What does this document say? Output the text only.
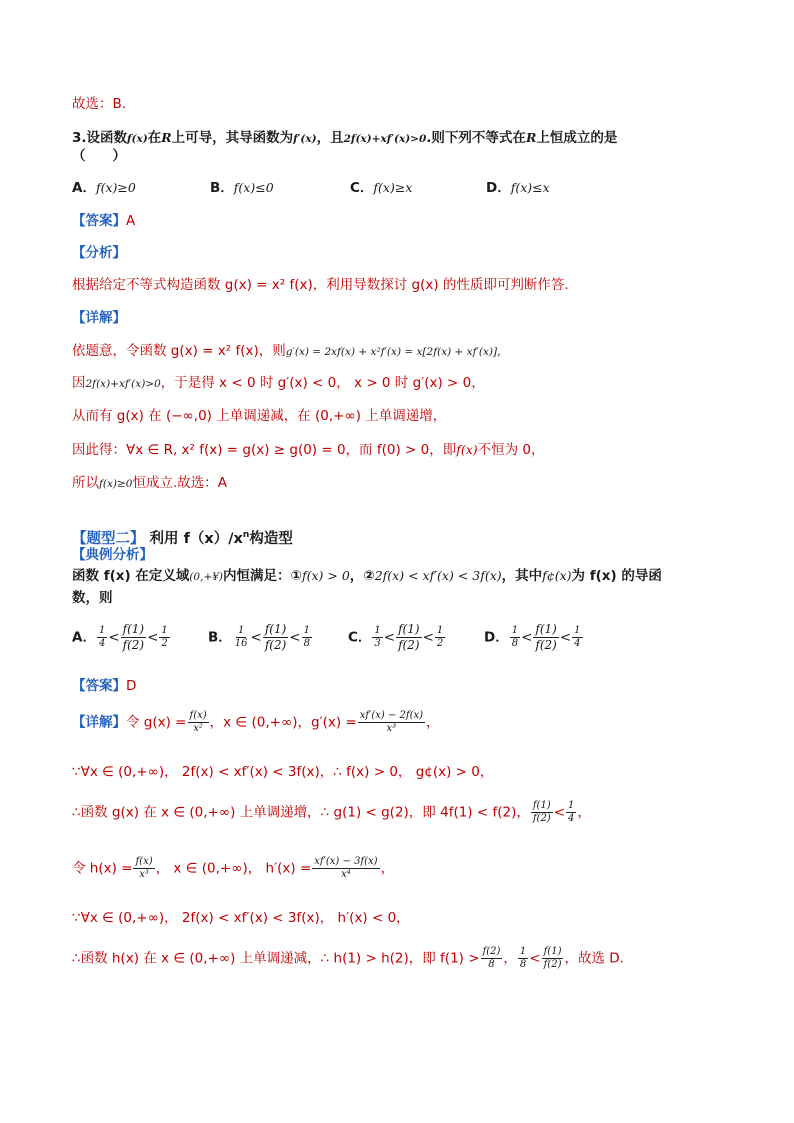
故选：B.
3.设函数f(x)在R上可导，其导函数为f′(x)，且2f(x)+xf′(x)>0.则下列不等式在R上恒成立的是
（　　）
A．f(x)≥0	B．f(x)≤0	C．f(x)≥x	D．f(x)≤x
【答案】A
【分析】
根据给定不等式构造函数 g(x) = x² f(x)，利用导数探讨 g(x) 的性质即可判断作答.
【详解】
依题意，令函数 g(x) = x² f(x)，则g′(x) = 2xf(x) + x²f′(x) = x[2f(x) + xf′(x)]，
因2f(x)+xf′(x)>0，于是得 x < 0 时 g′(x) < 0， x > 0 时 g′(x) > 0，
从而有 g(x) 在 (−∞,0) 上单调递减，在 (0,+∞) 上单调递增，
因此得：∀x ∈ R, x² f(x) = g(x) ≥ g(0) = 0，而 f(0) > 0，即f(x)不恒为 0，
所以f(x)≥0恒成立.故选：A
【题型二】 利用 $f(x)/x^n$构造型
【典例分析】
函数 f(x) 在定义域(0,+¥)内恒满足：①f(x) > 0，②2f(x) < xf′(x) < 3f(x)，其中f¢(x)为 f(x) 的导函
数，则
A． $\frac{1}{4} < \frac{f(1)}{f(2)} < \frac{1}{2}$	B． $\frac{1}{16} < \frac{f(1)}{f(2)} < \frac{1}{8}$	C． $\frac{1}{3} < \frac{f(1)}{f(2)} < \frac{1}{2}$	D． $\frac{1}{8} < \frac{f(1)}{f(2)} < \frac{1}{4}$
【答案】D
【详解】令 $g(x) = \frac{f(x)}{\text{x²}}$ ，x ∈ (0,+∞)，$g'(x) = \frac{xf'(x) - 2f(x)}{\text{x³}}$ ，
∵∀x ∈ (0,+∞)， 2f(x) < xf′(x) < 3f(x)，∴ f(x) > 0， g¢(x) > 0，
∴函数 g(x) 在 x ∈ (0,+∞) 上单调递增，∴ g(1) < g(2)，即 4f(1) < f(2)， $\frac{f(1)}{f(2)} < \frac{1}{4}$ ，
令 $h(x) = \frac{f(x)}{\text{x³}}$ ， x ∈ (0,+∞)， $h'(x) = \frac{xf'(x) - 3f(x)}{\text{x⁴}}$ ，
∵∀x ∈ (0,+∞)， 2f(x) < xf′(x) < 3f(x)， h′(x) < 0，
∴函数 h(x) 在 x ∈ (0,+∞) 上单调递减，∴ h(1) > h(2)，即 $f(1) > \frac{f(2)}{8}$ ， $\frac{1}{8} < \frac{f(1)}{f(2)}$ ，故选 D.
